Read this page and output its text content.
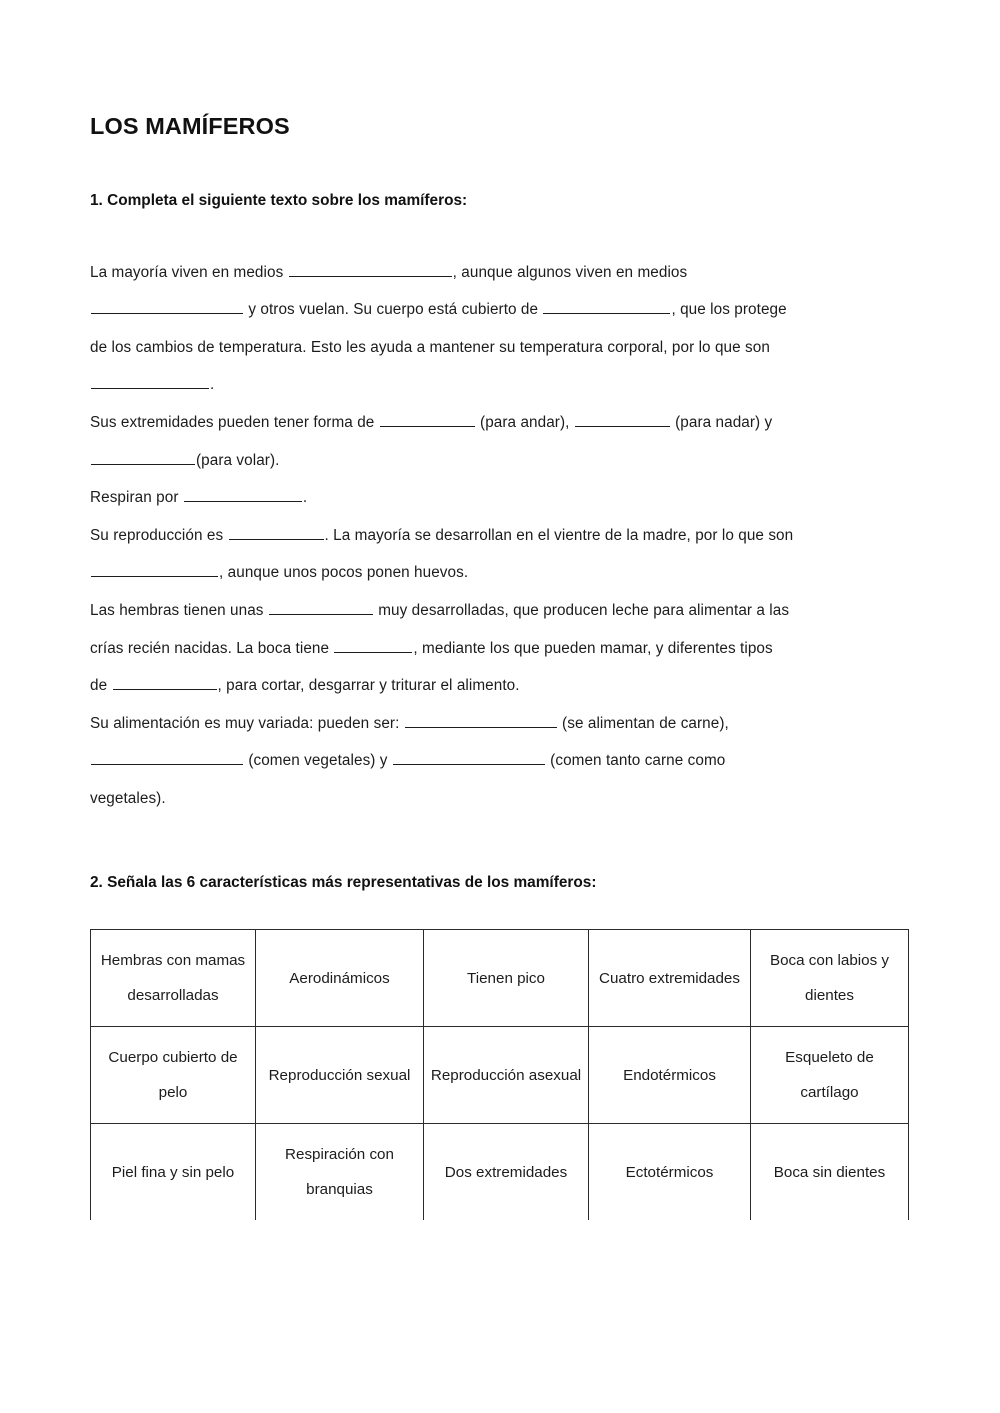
LOS MAMÍFEROS
1. Completa el siguiente texto sobre los mamíferos:
La mayoría viven en medios	, aunque algunos viven en medios
y otros vuelan. Su cuerpo está cubierto de	, que los protege
de los cambios de temperatura. Esto les ayuda a mantener su temperatura corporal, por lo que son
.
Sus extremidades pueden tener forma de	(para andar),	(para nadar) y
(para volar).
Respiran por	.
Su reproducción es	. La mayoría se desarrollan en el vientre de la madre, por lo que son
, aunque unos pocos ponen huevos.
Las hembras tienen unas	muy desarrolladas, que producen leche para alimentar a las
crías recién nacidas. La boca tiene	, mediante los que pueden mamar, y diferentes tipos
de	, para cortar, desgarrar y triturar el alimento.
Su alimentación es muy variada: pueden ser:	(se alimentan de carne),
(comen vegetales) y	(comen tanto carne como
vegetales).
2. Señala las 6 características más representativas de los mamíferos:
Hembras con mamas desarrolladas	Aerodinámicos	Tienen pico	Cuatro extremidades	Boca con labios y dientes
Cuerpo cubierto de pelo	Reproducción sexual	Reproducción asexual	Endotérmicos	Esqueleto de cartílago
Piel fina y sin pelo	Respiración con branquias	Dos extremidades	Ectotérmicos	Boca sin dientes
